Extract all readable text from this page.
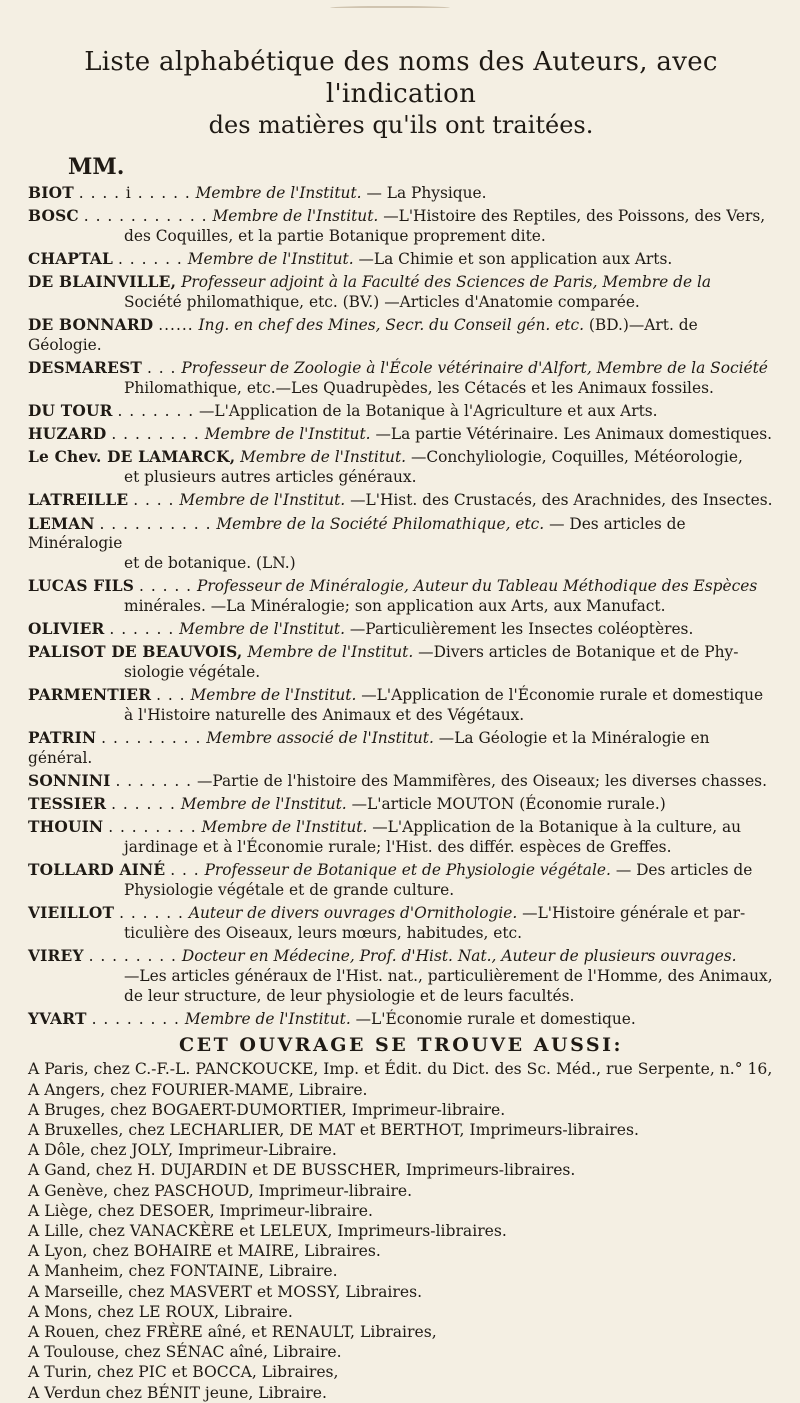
Liste alphabétique des noms des Auteurs, avec l'indication
des matières qu'ils ont traitées.
MM.
BIOT . . . . i . . . . . Membre de l'Institut. — La Physique.
BOSC . . . . . . . . . . . Membre de l'Institut. —L'Histoire des Reptiles, des Poissons, des Vers,
des Coquilles, et la partie Botanique proprement dite.
CHAPTAL . . . . . . Membre de l'Institut. —La Chimie et son application aux Arts.
DE BLAINVILLE, Professeur adjoint à la Faculté des Sciences de Paris, Membre de la
Société philomathique, etc. (BV.) —Articles d'Anatomie comparée.
DE BONNARD ...... Ing. en chef des Mines, Secr. du Conseil gén. etc. (BD.)—Art. de Géologie.
DESMAREST . . . Professeur de Zoologie à l'École vétérinaire d'Alfort, Membre de la Société
Philomathique, etc.—Les Quadrupèdes, les Cétacés et les Animaux fossiles.
DU TOUR . . . . . . . —L'Application de la Botanique à l'Agriculture et aux Arts.
HUZARD . . . . . . . . Membre de l'Institut. —La partie Vétérinaire. Les Animaux domestiques.
Le Chev. DE LAMARCK, Membre de l'Institut. —Conchyliologie, Coquilles, Météorologie,
et plusieurs autres articles généraux.
LATREILLE . . . . Membre de l'Institut. —L'Hist. des Crustacés, des Arachnides, des Insectes.
LEMAN . . . . . . . . . . Membre de la Société Philomathique, etc. — Des articles de Minéralogie
et de botanique. (LN.)
LUCAS FILS . . . . . Professeur de Minéralogie, Auteur du Tableau Méthodique des Espèces
minérales. —La Minéralogie; son application aux Arts, aux Manufact.
OLIVIER . . . . . . Membre de l'Institut. —Particulièrement les Insectes coléoptères.
PALISOT DE BEAUVOIS, Membre de l'Institut. —Divers articles de Botanique et de Phy-
siologie végétale.
PARMENTIER . . . Membre de l'Institut. —L'Application de l'Économie rurale et domestique
à l'Histoire naturelle des Animaux et des Végétaux.
PATRIN . . . . . . . . . Membre associé de l'Institut. —La Géologie et la Minéralogie en général.
SONNINI . . . . . . . —Partie de l'histoire des Mammifères, des Oiseaux; les diverses chasses.
TESSIER . . . . . . Membre de l'Institut. —L'article MOUTON (Économie rurale.)
THOUIN . . . . . . . . Membre de l'Institut. —L'Application de la Botanique à la culture, au
jardinage et à l'Économie rurale; l'Hist. des différ. espèces de Greffes.
TOLLARD AINÉ . . . Professeur de Botanique et de Physiologie végétale. — Des articles de
Physiologie végétale et de grande culture.
VIEILLOT . . . . . . Auteur de divers ouvrages d'Ornithologie. —L'Histoire générale et par-
ticulière des Oiseaux, leurs mœurs, habitudes, etc.
VIREY . . . . . . . . Docteur en Médecine, Prof. d'Hist. Nat., Auteur de plusieurs ouvrages.
—Les articles généraux de l'Hist. nat., particulièrement de l'Homme, des Animaux, de leur structure, de leur physiologie et de leurs facultés.
YVART . . . . . . . . Membre de l'Institut. —L'Économie rurale et domestique.
CET OUVRAGE SE TROUVE AUSSI:
A Paris, chez C.-F.-L. PANCKOUCKE, Imp. et Édit. du Dict. des Sc. Méd., rue Serpente, n.° 16,
A Angers, chez FOURIER-MAME, Libraire.
A Bruges, chez BOGAERT-DUMORTIER, Imprimeur-libraire.
A Bruxelles, chez LECHARLIER, DE MAT et BERTHOT, Imprimeurs-libraires.
A Dôle, chez JOLY, Imprimeur-Libraire.
A Gand, chez H. DUJARDIN et DE BUSSCHER, Imprimeurs-libraires.
A Genève, chez PASCHOUD, Imprimeur-libraire.
A Liège, chez DESOER, Imprimeur-libraire.
A Lille, chez VANACKÈRE et LELEUX, Imprimeurs-libraires.
A Lyon, chez BOHAIRE et MAIRE, Libraires.
A Manheim, chez FONTAINE, Libraire.
A Marseille, chez MASVERT et MOSSY, Libraires.
A Mons, chez LE ROUX, Libraire.
A Rouen, chez FRÈRE aîné, et RENAULT, Libraires,
A Toulouse, chez SÉNAC aîné, Libraire.
A Turin, chez PIC et BOCCA, Libraires,
A Verdun chez BÉNIT jeune, Libraire.
